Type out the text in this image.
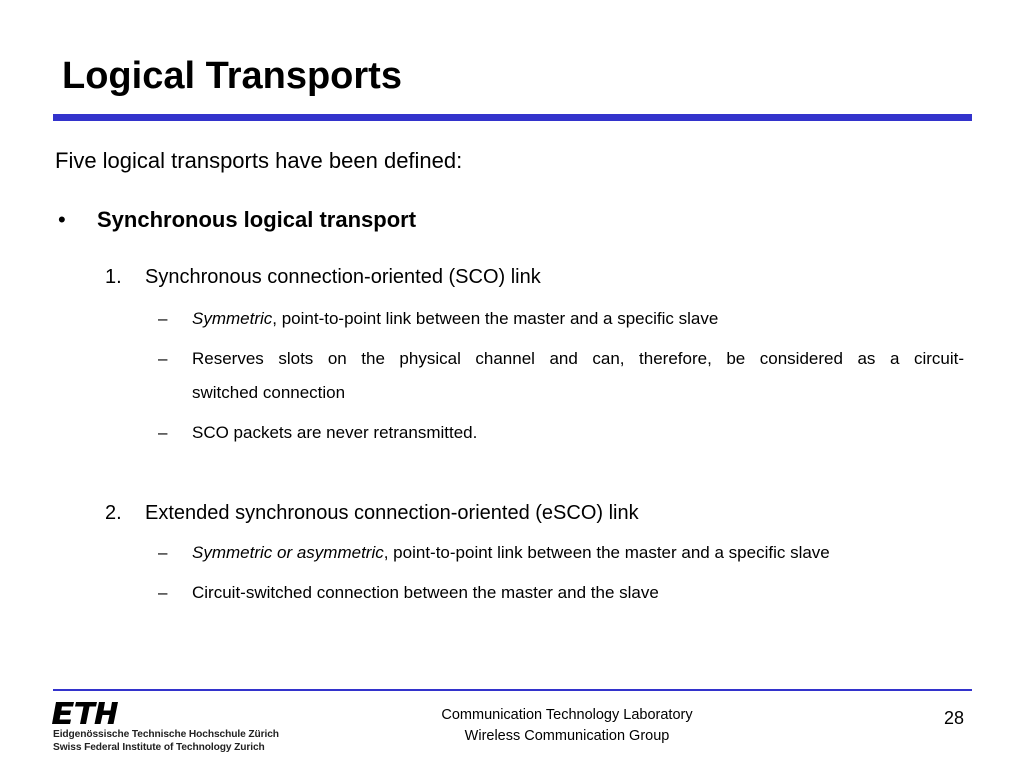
Logical Transports
Five logical transports have been defined:
• Synchronous logical transport
1. Synchronous connection-oriented (SCO) link
– Symmetric, point-to-point link between the master and a specific slave
– Reserves slots on the physical channel and can, therefore, be considered as a circuit-
switched connection
– SCO packets are never retransmitted.
2. Extended synchronous connection-oriented (eSCO) link
– Symmetric or asymmetric, point-to-point link between the master and a specific slave
– Circuit-switched connection between the master and the slave
Eidgenössische Technische Hochschule Zürich
Swiss Federal Institute of Technology Zurich
Communication Technology Laboratory
Wireless Communication Group
28
